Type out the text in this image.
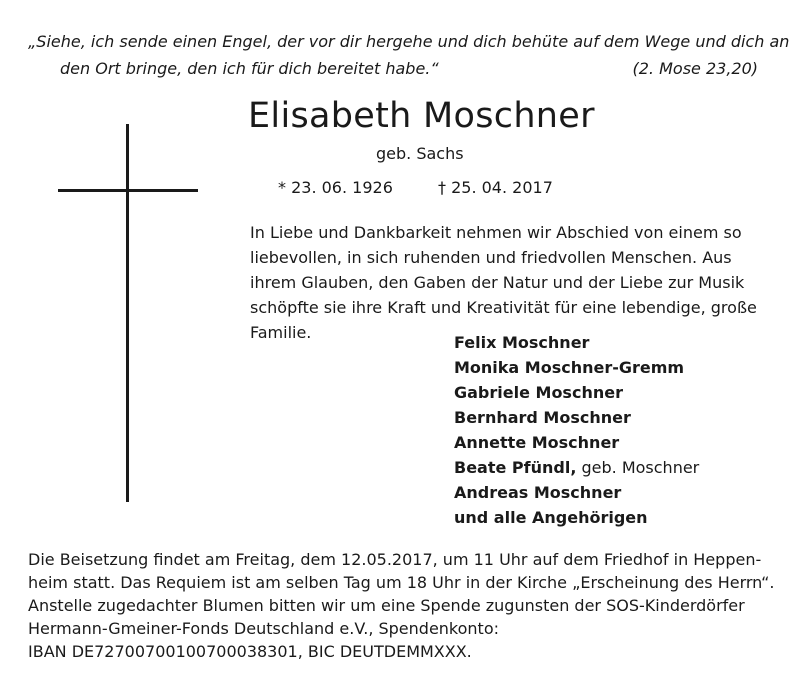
„Siehe, ich sende einen Engel, der vor dir hergehe und dich behüte auf dem Wege und dich an
den Ort bringe, den ich für dich bereitet habe.“	(2. Mose 23,20)
Elisabeth Moschner
geb. Sachs
* 23. 06. 1926	† 25. 04. 2017
In Liebe und Dankbarkeit nehmen wir Abschied von einem so
liebevollen, in sich ruhenden und friedvollen Menschen. Aus
ihrem Glauben, den Gaben der Natur und der Liebe zur Musik
schöpfte sie ihre Kraft und Kreativität für eine lebendige, große
Familie.
Felix Moschner
Monika Moschner-Gremm
Gabriele Moschner
Bernhard Moschner
Annette Moschner
Beate Pfündl, geb. Moschner
Andreas Moschner
und alle Angehörigen
Die Beisetzung findet am Freitag, dem 12.05.2017, um 11 Uhr auf dem Friedhof in Heppen-
heim statt. Das Requiem ist am selben Tag um 18 Uhr in der Kirche „Erscheinung des Herrn“.
Anstelle zugedachter Blumen bitten wir um eine Spende zugunsten der SOS-Kinderdörfer
Hermann-Gmeiner-Fonds Deutschland e.V., Spendenkonto:
IBAN DE72700700100700038301, BIC DEUTDEMMXXX.
